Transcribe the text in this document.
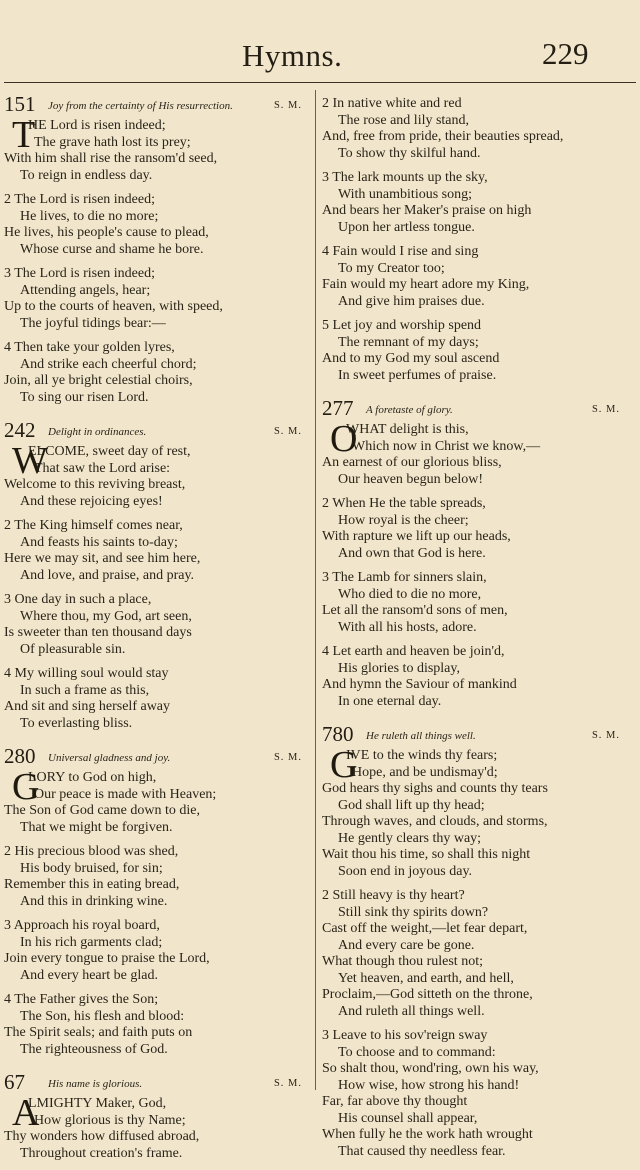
Hymns.	229
151 Joy from the certainty of His resurrection.	S. M.
T
HE Lord is risen indeed;
The grave hath lost its prey;
With him shall rise the ransom'd seed,
To reign in endless day.
2 The Lord is risen indeed;
He lives, to die no more;
He lives, his people's cause to plead,
Whose curse and shame he bore.
3 The Lord is risen indeed;
Attending angels, hear;
Up to the courts of heaven, with speed,
The joyful tidings bear:—
4 Then take your golden lyres,
And strike each cheerful chord;
Join, all ye bright celestial choirs,
To sing our risen Lord.
242 Delight in ordinances.	S. M.
W
ELCOME, sweet day of rest,
That saw the Lord arise:
Welcome to this reviving breast,
And these rejoicing eyes!
2 The King himself comes near,
And feasts his saints to-day;
Here we may sit, and see him here,
And love, and praise, and pray.
3 One day in such a place,
Where thou, my God, art seen,
Is sweeter than ten thousand days
Of pleasurable sin.
4 My willing soul would stay
In such a frame as this,
And sit and sing herself away
To everlasting bliss.
280 Universal gladness and joy.	S. M.
G
LORY to God on high,
Our peace is made with Heaven;
The Son of God came down to die,
That we might be forgiven.
2 His precious blood was shed,
His body bruised, for sin;
Remember this in eating bread,
And this in drinking wine.
3 Approach his royal board,
In his rich garments clad;
Join every tongue to praise the Lord,
And every heart be glad.
4 The Father gives the Son;
The Son, his flesh and blood:
The Spirit seals; and faith puts on
The righteousness of God.
67 His name is glorious.	S. M.
A
LMIGHTY Maker, God,
How glorious is thy Name;
Thy wonders how diffused abroad,
Throughout creation's frame.
2 In native white and red
The rose and lily stand,
And, free from pride, their beauties spread,
To show thy skilful hand.
3 The lark mounts up the sky,
With unambitious song;
And bears her Maker's praise on high
Upon her artless tongue.
4 Fain would I rise and sing
To my Creator too;
Fain would my heart adore my King,
And give him praises due.
5 Let joy and worship spend
The remnant of my days;
And to my God my soul ascend
In sweet perfumes of praise.
277 A foretaste of glory.	S. M.
O
WHAT delight is this,
Which now in Christ we know,—
An earnest of our glorious bliss,
Our heaven begun below!
2 When He the table spreads,
How royal is the cheer;
With rapture we lift up our heads,
And own that God is here.
3 The Lamb for sinners slain,
Who died to die no more,
Let all the ransom'd sons of men,
With all his hosts, adore.
4 Let earth and heaven be join'd,
His glories to display,
And hymn the Saviour of mankind
In one eternal day.
780 He ruleth all things well.	S. M.
G
IVE to the winds thy fears;
Hope, and be undismay'd;
God hears thy sighs and counts thy tears
God shall lift up thy head;
Through waves, and clouds, and storms,
He gently clears thy way;
Wait thou his time, so shall this night
Soon end in joyous day.
2 Still heavy is thy heart?
Still sink thy spirits down?
Cast off the weight,—let fear depart,
And every care be gone.
What though thou rulest not;
Yet heaven, and earth, and hell,
Proclaim,—God sitteth on the throne,
And ruleth all things well.
3 Leave to his sov'reign sway
To choose and to command:
So shalt thou, wond'ring, own his way,
How wise, how strong his hand!
Far, far above thy thought
His counsel shall appear,
When fully he the work hath wrought
That caused thy needless fear.
